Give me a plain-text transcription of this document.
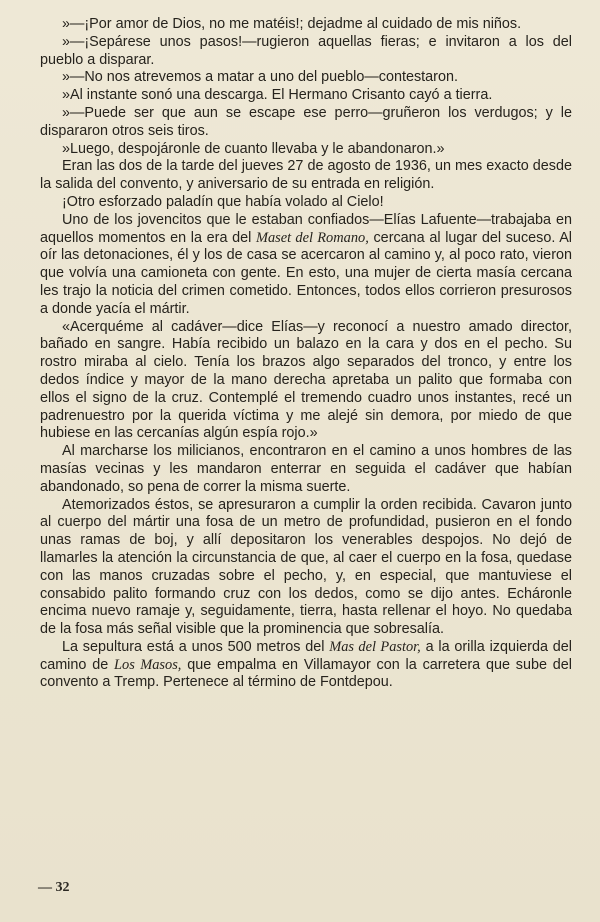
»—¡Por amor de Dios, no me matéis!; dejadme al cuidado de mis niños.

»—¡Sepárese unos pasos!—rugieron aquellas fieras; e invitaron a los del pueblo a disparar.

»—No nos atrevemos a matar a uno del pueblo—contestaron.

»Al instante sonó una descarga. El Hermano Crisanto cayó a tierra.

»—Puede ser que aun se escape ese perro—gruñeron los verdugos; y le dispararon otros seis tiros.

»Luego, despojáronle de cuanto llevaba y le abandonaron.»

Eran las dos de la tarde del jueves 27 de agosto de 1936, un mes exacto desde la salida del convento, y aniversario de su entrada en religión.

¡Otro esforzado paladín que había volado al Cielo!

Uno de los jovencitos que le estaban confiados—Elías Lafuente—trabajaba en aquellos momentos en la era del Maset del Romano, cercana al lugar del suceso. Al oír las detonaciones, él y los de casa se acercaron al camino y, al poco rato, vieron que volvía una camioneta con gente. En esto, una mujer de cierta masía cercana les trajo la noticia del crimen cometido. Entonces, todos ellos corrieron presurosos a donde yacía el mártir.

«Acerquéme al cadáver—dice Elías—y reconocí a nuestro amado director, bañado en sangre. Había recibido un balazo en la cara y dos en el pecho. Su rostro miraba al cielo. Tenía los brazos algo separados del tronco, y entre los dedos índice y mayor de la mano derecha apretaba un palito que formaba con ellos el signo de la cruz. Contemplé el tremendo cuadro unos instantes, recé un padrenuestro por la querida víctima y me alejé sin demora, por miedo de que hubiese en las cercanías algún espía rojo.»

Al marcharse los milicianos, encontraron en el camino a unos hombres de las masías vecinas y les mandaron enterrar en seguida el cadáver que habían abandonado, so pena de correr la misma suerte.

Atemorizados éstos, se apresuraron a cumplir la orden recibida. Cavaron junto al cuerpo del mártir una fosa de un metro de profundidad, pusieron en el fondo unas ramas de boj, y allí depositaron los venerables despojos. No dejó de llamarles la atención la circunstancia de que, al caer el cuerpo en la fosa, quedase con las manos cruzadas sobre el pecho, y, en especial, que mantuviese el consabido palito formando cruz con los dedos, como se dijo antes. Echáronle encima nuevo ramaje y, seguidamente, tierra, hasta rellenar el hoyo. No quedaba de la fosa más señal visible que la prominencia que sobresalía.

La sepultura está a unos 500 metros del Mas del Pastor, a la orilla izquierda del camino de Los Masos, que empalma en Villamayor con la carretera que sube del convento a Tremp. Pertenece al término de Fontdepou.

— 32
